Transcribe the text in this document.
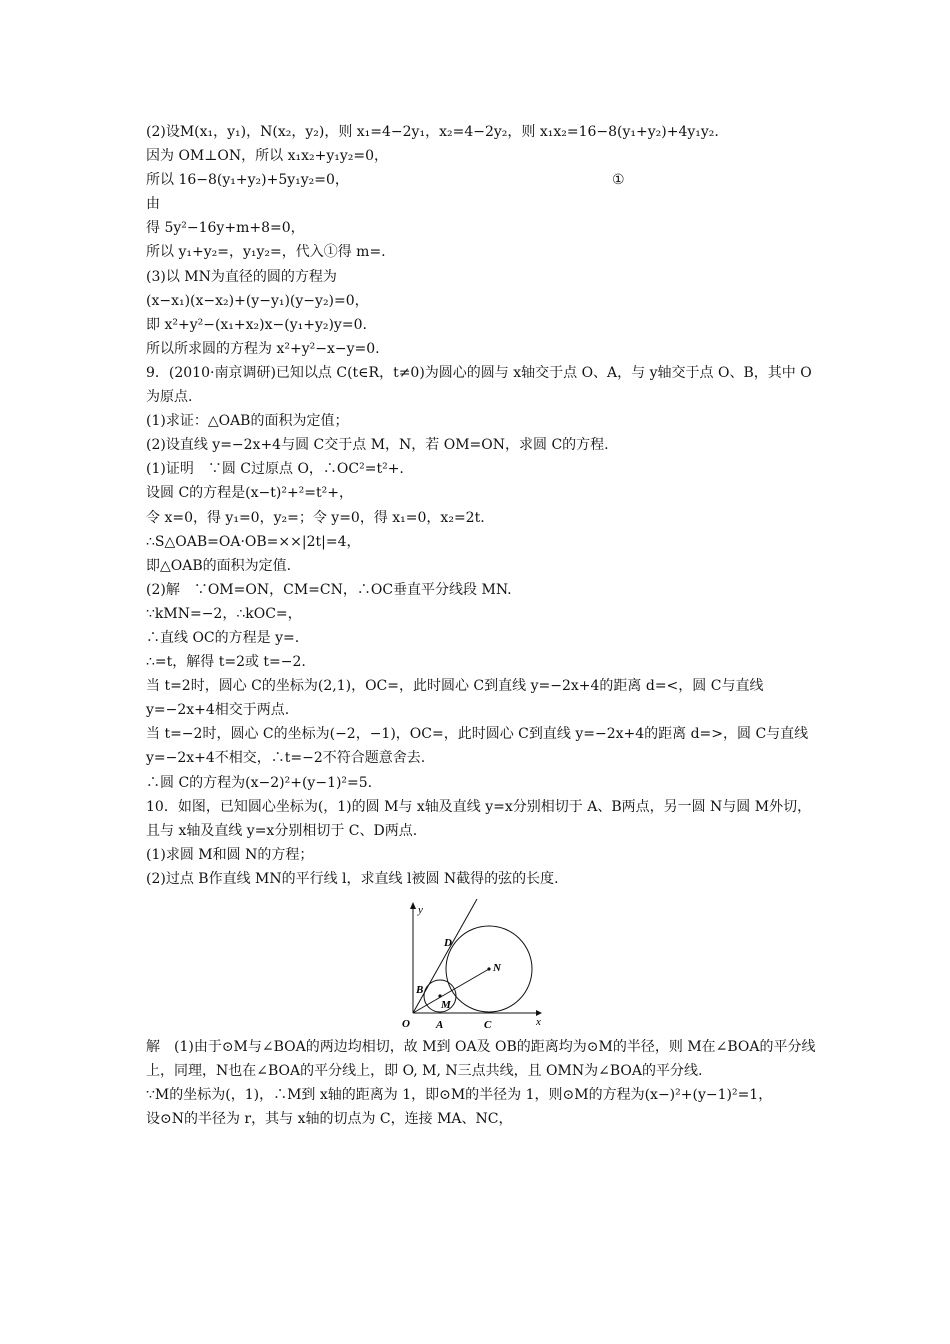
(2)设M(x₁，y₁)，N(x₂，y₂)，则 x₁=4−2y₁，x₂=4−2y₂，则 x₁x₂=16−8(y₁+y₂)+4y₁y₂.
因为 OM⊥ON，所以 x₁x₂+y₁y₂=0，
所以 16−8(y₁+y₂)+5y₁y₂=0，	①
由
得 5y²−16y+m+8=0，
所以 y₁+y₂=，y₁y₂=，代入①得 m=.
(3)以 MN为直径的圆的方程为
(x−x₁)(x−x₂)+(y−y₁)(y−y₂)=0，
即 x²+y²−(x₁+x₂)x−(y₁+y₂)y=0.
所以所求圆的方程为 x²+y²−x−y=0.
9．(2010·南京调研)已知以点 C(t∈R，t≠0)为圆心的圆与 x轴交于点 O、A，与 y轴交于点 O、B，其中 O为原点.
(1)求证：△OAB的面积为定值；
(2)设直线 y=−2x+4与圆 C交于点 M，N，若 OM=ON，求圆 C的方程.
(1)证明　∵圆 C过原点 O，∴OC²=t²+.
设圆 C的方程是(x−t)²+²=t²+，
令 x=0，得 y₁=0，y₂=；令 y=0，得 x₁=0，x₂=2t.
∴S△OAB=OA·OB=××|2t|=4，
即△OAB的面积为定值.
(2)解　∵OM=ON，CM=CN，∴OC垂直平分线段 MN.
∵kMN=−2，∴kOC=，
∴直线 OC的方程是 y=.
∴=t，解得 t=2或 t=−2.
当 t=2时，圆心 C的坐标为(2,1)，OC=，此时圆心 C到直线 y=−2x+4的距离 d=<，圆 C与直线 y=−2x+4相交于两点.
当 t=−2时，圆心 C的坐标为(−2，−1)，OC=，此时圆心 C到直线 y=−2x+4的距离 d=>，圆 C与直线 y=−2x+4不相交，∴t=−2不符合题意舍去.
∴圆 C的方程为(x−2)²+(y−1)²=5.
10．如图，已知圆心坐标为(，1)的圆 M与 x轴及直线 y=x分别相切于 A、B两点，另一圆 N与圆 M外切，且与 x轴及直线 y=x分别相切于 C、D两点.
(1)求圆 M和圆 N的方程；
(2)过点 B作直线 MN的平行线 l，求直线 l被圆 N截得的弦的长度.
y
x
O A
B
C
D
M
N
解　(1)由于⊙M与∠BOA的两边均相切，故 M到 OA及 OB的距离均为⊙M的半径，则 M在∠BOA的平分线上，同理，N也在∠BOA的平分线上，即 O, M, N三点共线，且 OMN为∠BOA的平分线.
∵M的坐标为(，1)，∴M到 x轴的距离为 1，即⊙M的半径为 1，则⊙M的方程为(x−)²+(y−1)²=1，
设⊙N的半径为 r，其与 x轴的切点为 C，连接 MA、NC，
